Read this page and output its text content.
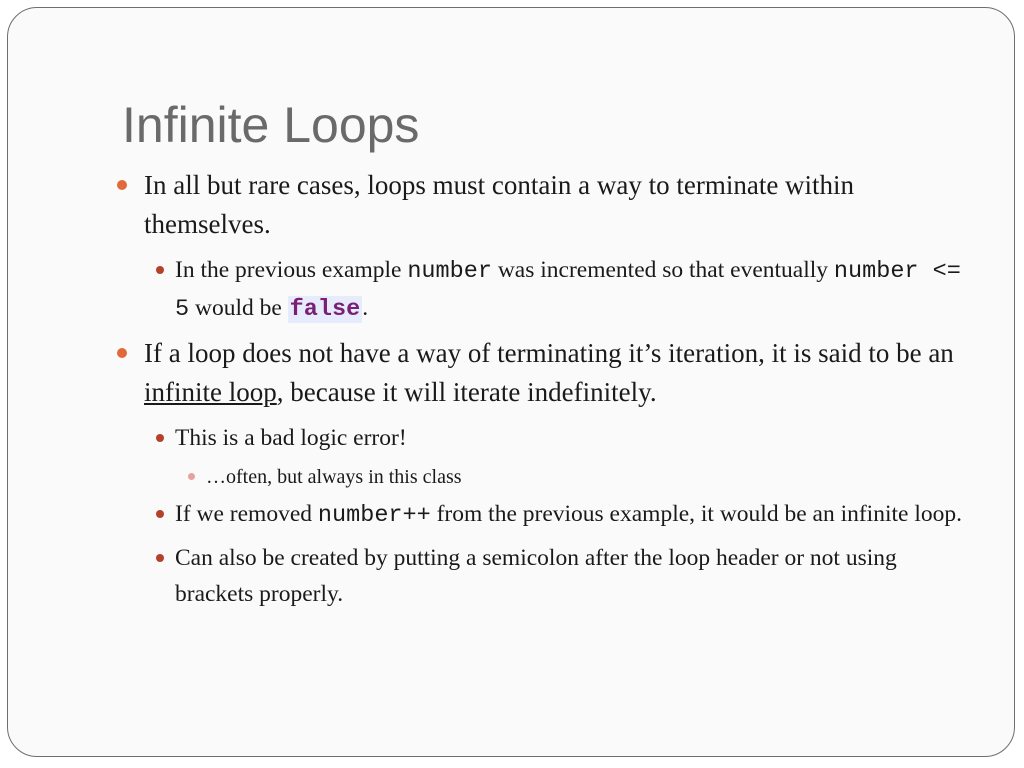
Infinite Loops
In all but rare cases, loops must contain a way to terminate within themselves.
In the previous example number was incremented so that eventually number <= 5 would be false.
If a loop does not have a way of terminating it’s iteration, it is said to be an infinite loop, because it will iterate indefinitely.
This is a bad logic error!
…often, but always in this class
If we removed number++ from the previous example, it would be an infinite loop.
Can also be created by putting a semicolon after the loop header or not using brackets properly.
